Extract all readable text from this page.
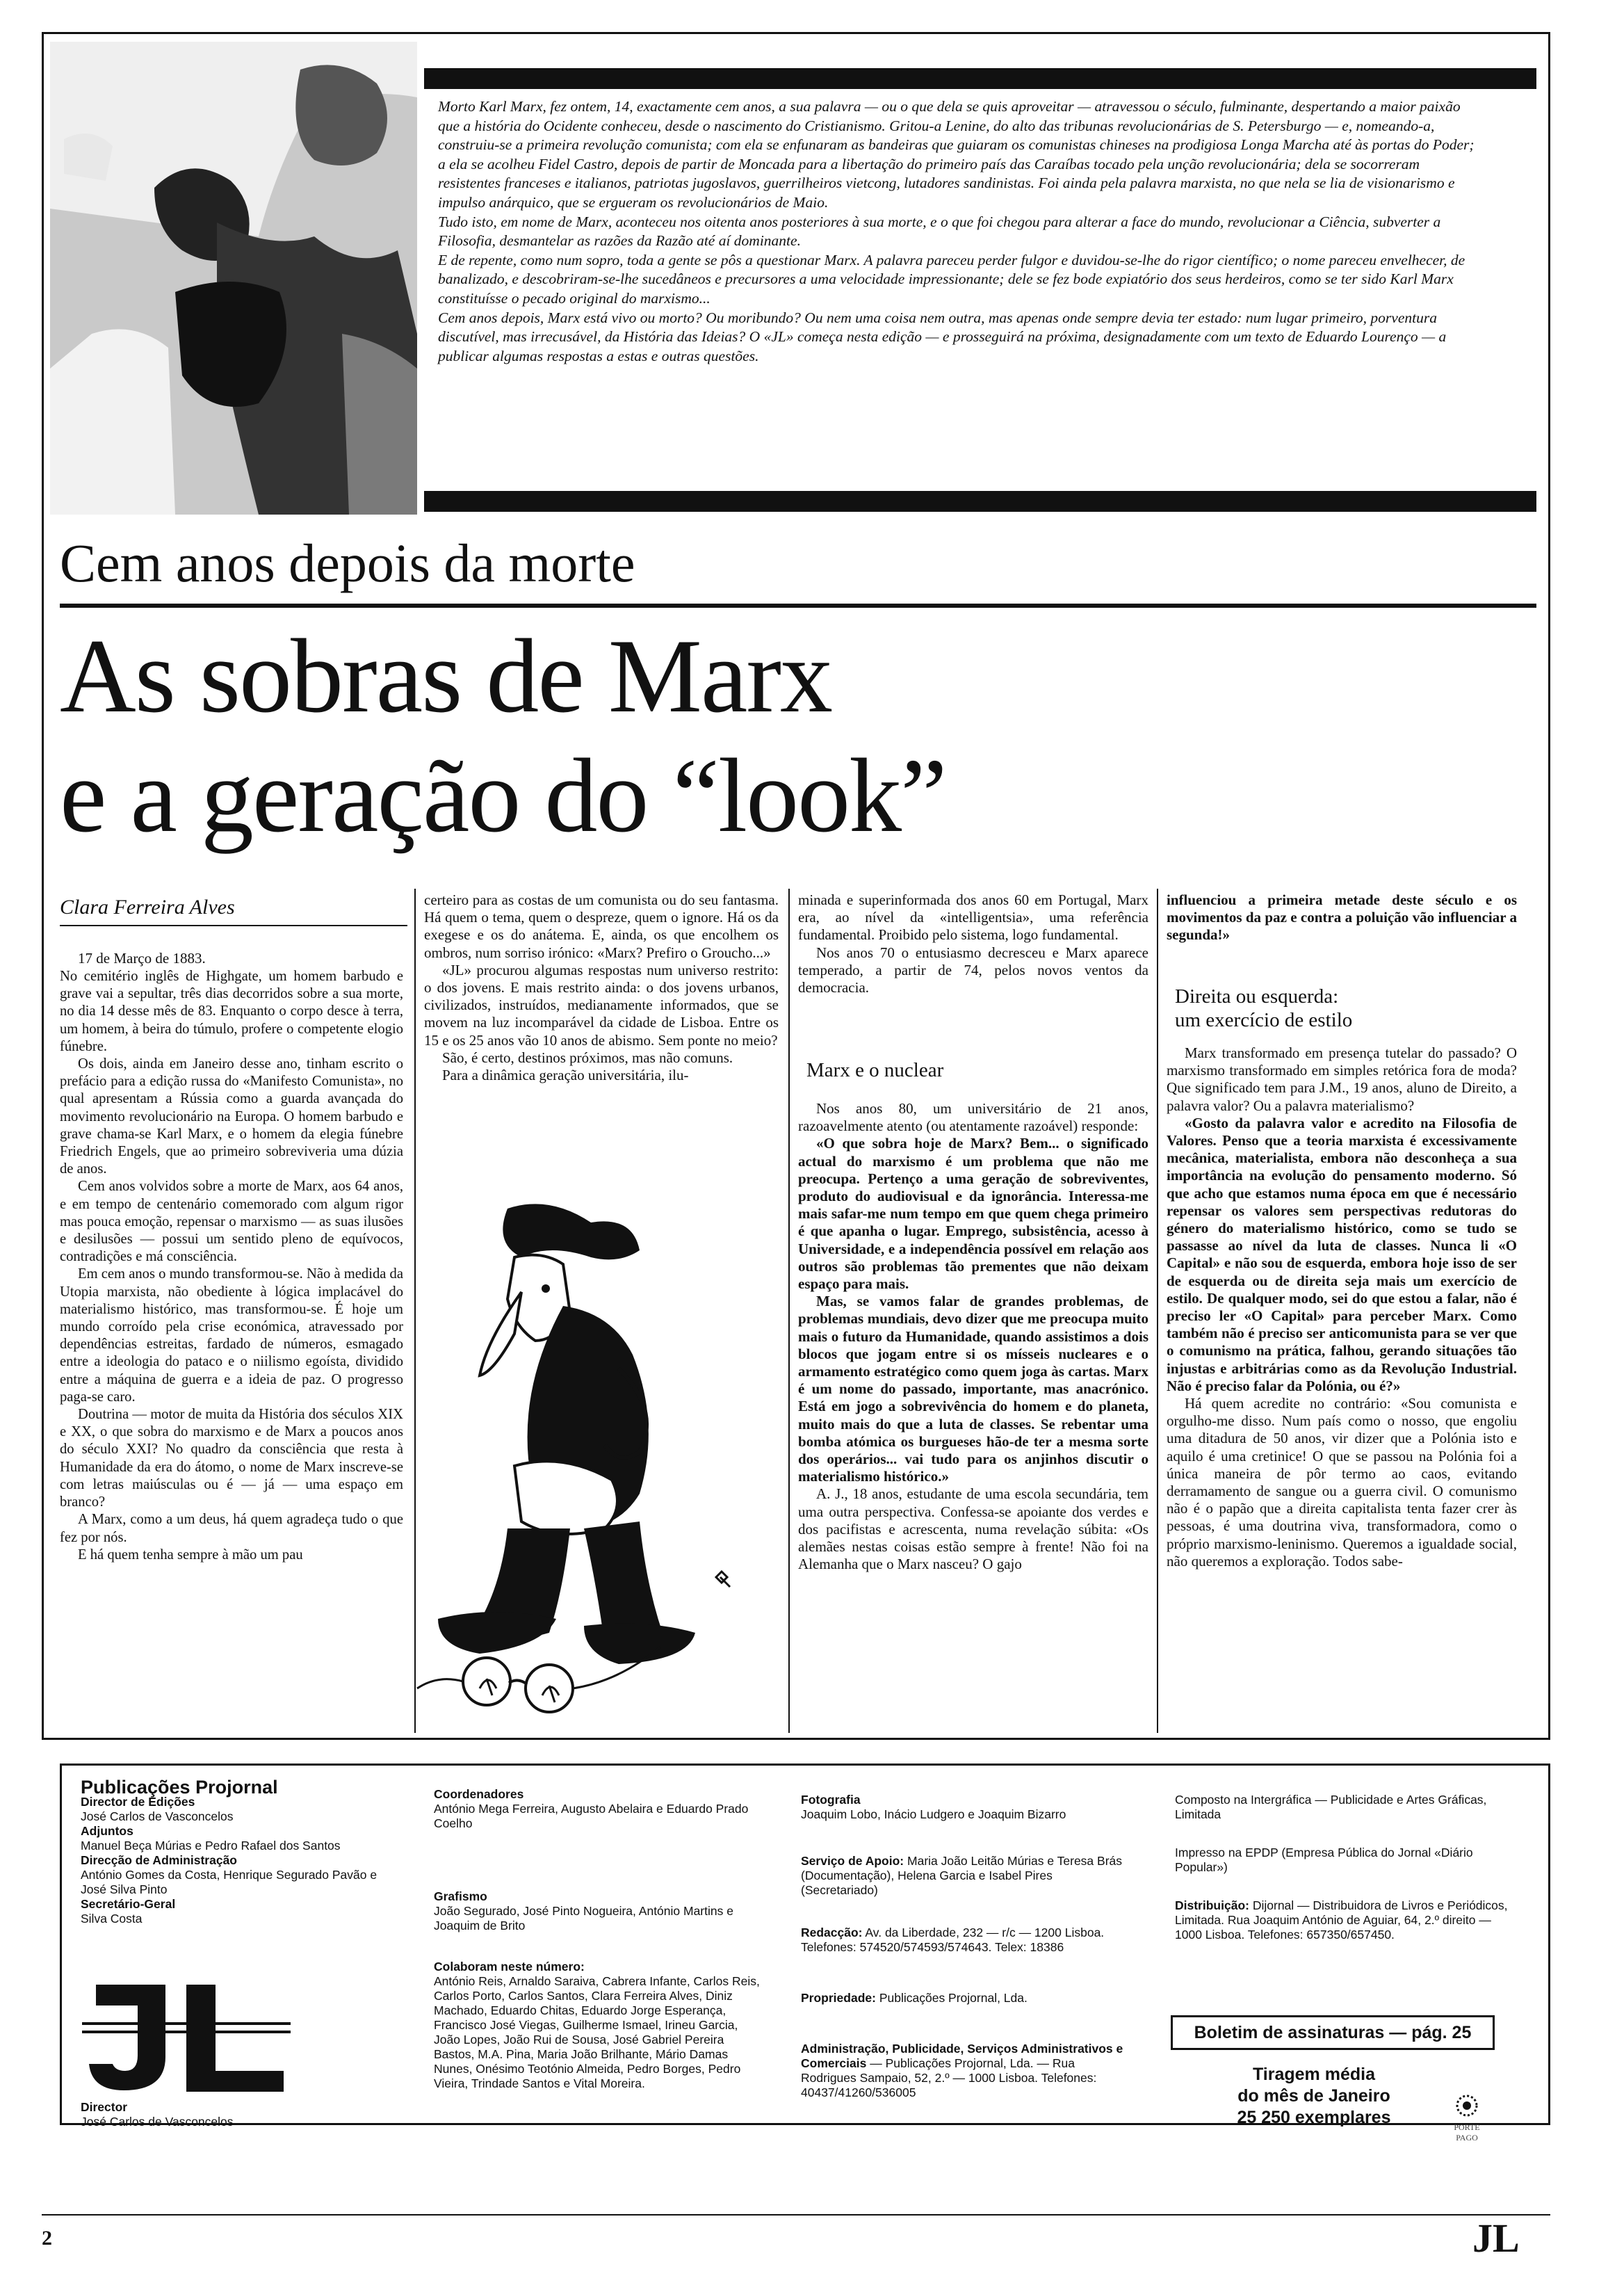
Morto Karl Marx, fez ontem, 14, exactamente cem anos, a sua palavra — ou o que dela se quis aproveitar — atravessou o século, fulminante, despertando a maior paixão que a história do Ocidente conheceu, desde o nascimento do Cristianismo. Gritou-a Lenine, do alto das tribunas revolucionárias de S. Petersburgo — e, nomeando-a, construiu-se a primeira revolução comunista; com ela se enfunaram as bandeiras que guiaram os comunistas chineses na prodigiosa Longa Marcha até às portas do Poder; a ela se acolheu Fidel Castro, depois de partir de Moncada para a libertação do primeiro país das Caraíbas tocado pela unção revolucionária; dela se socorreram resistentes franceses e italianos, patriotas jugoslavos, guerrilheiros vietcong, lutadores sandinistas. Foi ainda pela palavra marxista, no que nela se lia de visionarismo e impulso anárquico, que se ergueram os revolucionários de Maio.

Tudo isto, em nome de Marx, aconteceu nos oitenta anos posteriores à sua morte, e o que foi chegou para alterar a face do mundo, revolucionar a Ciência, subverter a Filosofia, desmantelar as razões da Razão até aí dominante.

E de repente, como num sopro, toda a gente se pôs a questionar Marx. A palavra pareceu perder fulgor e duvidou-se-lhe do rigor científico; o nome pareceu envelhecer, de banalizado, e descobriram-se-lhe sucedâneos e precursores a uma velocidade impressionante; dele se fez bode expiatório dos seus herdeiros, como se ter sido Karl Marx constituísse o pecado original do marxismo...

Cem anos depois, Marx está vivo ou morto? Ou moribundo? Ou nem uma coisa nem outra, mas apenas onde sempre devia ter estado: num lugar primeiro, porventura discutível, mas irrecusável, da História das Ideias? O «JL» começa nesta edição — e prosseguirá na próxima, designadamente com um texto de Eduardo Lourenço — a publicar algumas respostas a estas e outras questões.

Cem anos depois da morte
As sobras de Marx
e a geração do “look”
Clara Ferreira Alves
17 de Março de 1883.

No cemitério inglês de Highgate, um homem barbudo e grave vai a sepultar, três dias decorridos sobre a sua morte, no dia 14 desse mês de 83. Enquanto o corpo desce à terra, um homem, à beira do túmulo, profere o competente elogio fúnebre.

Os dois, ainda em Janeiro desse ano, tinham escrito o prefácio para a edição russa do «Manifesto Comunista», no qual apresentam a Rússia como a guarda avançada do movimento revolucionário na Europa. O homem barbudo e grave chama-se Karl Marx, e o homem da elegia fúnebre Friedrich Engels, que ao primeiro sobreviveria uma dúzia de anos.

Cem anos volvidos sobre a morte de Marx, aos 64 anos, e em tempo de centenário comemorado com algum rigor mas pouca emoção, repensar o marxismo — as suas ilusões e desilusões — possui um sentido pleno de equívocos, contradições e má consciência.

Em cem anos o mundo transformou-se. Não à medida da Utopia marxista, não obediente à lógica implacável do materialismo histórico, mas transformou-se. É hoje um mundo corroído pela crise económica, atravessado por dependências estreitas, fardado de números, esmagado entre a ideologia do pataco e o niilismo egoísta, dividido entre a máquina de guerra e a ideia de paz. O progresso paga-se caro.

Doutrina — motor de muita da História dos séculos XIX e XX, o que sobra do marxismo e de Marx a poucos anos do século XXI? No quadro da consciência que resta à Humanidade da era do átomo, o nome de Marx inscreve-se com letras maiúsculas ou é — já — uma espaço em branco?

A Marx, como a um deus, há quem agradeça tudo o que fez por nós.

E há quem tenha sempre à mão um pau

certeiro para as costas de um comunista ou do seu fantasma. Há quem o tema, quem o despreze, quem o ignore. Há os da exegese e os do anátema. E, ainda, os que encolhem os ombros, num sorriso irónico: «Marx? Prefiro o Groucho...»

«JL» procurou algumas respostas num universo restrito: o dos jovens. E mais restrito ainda: o dos jovens urbanos, civilizados, instruídos, medianamente informados, que se movem na luz incomparável da cidade de Lisboa. Entre os 15 e os 25 anos vão 10 anos de abismo. Sem ponte no meio?

São, é certo, destinos próximos, mas não comuns.

Para a dinâmica geração universitária, ilu-

minada e superinformada dos anos 60 em Portugal, Marx era, ao nível da «intelligentsia», uma referência fundamental. Proibido pelo sistema, logo fundamental.

Nos anos 70 o entusiasmo decresceu e Marx aparece temperado, a partir de 74, pelos novos ventos da democracia.

Marx e o nuclear

Nos anos 80, um universitário de 21 anos, razoavelmente atento (ou atentamente razoável) responde:

«O que sobra hoje de Marx? Bem... o significado actual do marxismo é um problema que não me preocupa. Pertenço a uma geração de sobreviventes, produto do audiovisual e da ignorância. Interessa-me mais safar-me num tempo em que quem chega primeiro é que apanha o lugar. Emprego, subsistência, acesso à Universidade, e a independência possível em relação aos outros são problemas tão prementes que não deixam espaço para mais.

Mas, se vamos falar de grandes problemas, de problemas mundiais, devo dizer que me preocupa muito mais o futuro da Humanidade, quando assistimos a dois blocos que jogam entre si os mísseis nucleares e o armamento estratégico como quem joga às cartas. Marx é um nome do passado, importante, mas anacrónico. Está em jogo a sobrevivência do homem e do planeta, muito mais do que a luta de classes. Se rebentar uma bomba atómica os burgueses hão-de ter a mesma sorte dos operários... vai tudo para os anjinhos discutir o materialismo histórico.»

A. J., 18 anos, estudante de uma escola secundária, tem uma outra perspectiva. Confessa-se apoiante dos verdes e dos pacifistas e acrescenta, numa revelação súbita: «Os alemães nestas coisas estão sempre à frente! Não foi na Alemanha que o Marx nasceu? O gajo

influenciou a primeira metade deste século e os movimentos da paz e contra a poluição vão influenciar a segunda!»

Direita ou esquerda:
um exercício de estilo

Marx transformado em presença tutelar do passado? O marxismo transformado em simples retórica fora de moda? Que significado tem para J.M., 19 anos, aluno de Direito, a palavra valor? Ou a palavra materialismo?

«Gosto da palavra valor e acredito na Filosofia de Valores. Penso que a teoria marxista é excessivamente mecânica, materialista, embora não desconheça a sua importância na evolução do pensamento moderno. Só que acho que estamos numa época em que é necessário repensar os valores sem perspectivas redutoras do género do materialismo histórico, como se tudo se passasse ao nível da luta de classes. Nunca li «O Capital» e não sou de esquerda, embora hoje isso de ser de esquerda ou de direita seja mais um exercício de estilo. De qualquer modo, sei do que estou a falar, não é preciso ler «O Capital» para perceber Marx. Como também não é preciso ser anticomunista para se ver que o comunismo na prática, falhou, gerando situações tão injustas e arbitrárias como as da Revolução Industrial. Não é preciso falar da Polónia, ou é?»

Há quem acredite no contrário: «Sou comunista e orgulho-me disso. Num país como o nosso, que engoliu uma ditadura de 50 anos, vir dizer que a Polónia isto e aquilo é uma cretinice! O que se passou na Polónia foi a única maneira de pôr termo ao caos, evitando derramamento de sangue ou a guerra civil. O comunismo não é o papão que a direita capitalista tenta fazer crer às pessoas, é uma doutrina viva, transformadora, como o próprio marxismo-leninismo. Queremos a igualdade social, não queremos a exploração. Todos sabe-

Publicações Projornal
Director de Edições
José Carlos de Vasconcelos
Adjuntos
Manuel Beça Múrias e Pedro Rafael dos Santos
Direcção de Administração
António Gomes da Costa, Henrique Segurado Pavão e José Silva Pinto
Secretário-Geral
Silva Costa
Director
José Carlos de Vasconcelos
Coordenadores
António Mega Ferreira, Augusto Abelaira e Eduardo Prado Coelho
Grafismo
João Segurado, José Pinto Nogueira, António Martins e Joaquim de Brito
Colaboram neste número:
António Reis, Arnaldo Saraiva, Cabrera Infante, Carlos Reis, Carlos Porto, Carlos Santos, Clara Ferreira Alves, Diniz Machado, Eduardo Chitas, Eduardo Jorge Esperança, Francisco José Viegas, Guilherme Ismael, Irineu Garcia, João Lopes, João Rui de Sousa, José Gabriel Pereira Bastos, M.A. Pina, Maria João Brilhante, Mário Damas Nunes, Onésimo Teotónio Almeida, Pedro Borges, Pedro Vieira, Trindade Santos e Vital Moreira.
Fotografia
Joaquim Lobo, Inácio Ludgero e Joaquim Bizarro
Serviço de Apoio: Maria João Leitão Múrias e Teresa Brás (Documentação), Helena Garcia e Isabel Pires (Secretariado)
Redacção: Av. da Liberdade, 232 — r/c — 1200 Lisboa. Telefones: 574520/574593/574643. Telex: 18386
Propriedade: Publicações Projornal, Lda.
Administração, Publicidade, Serviços Administrativos e Comerciais — Publicações Projornal, Lda. — Rua Rodrigues Sampaio, 52, 2.º — 1000 Lisboa. Telefones: 40437/41260/536005
Composto na Intergráfica — Publicidade e Artes Gráficas, Limitada
Impresso na EPDP (Empresa Pública do Jornal «Diário Popular»)
Distribuição: Dijornal — Distribuidora de Livros e Periódicos, Limitada. Rua Joaquim António de Aguiar, 64, 2.º direito — 1000 Lisboa. Telefones: 657350/657450.
Boletim de assinaturas — pág. 25
Tiragem média
do mês de Janeiro
25 250 exemplares	PORTE
PAGO
2	JL
